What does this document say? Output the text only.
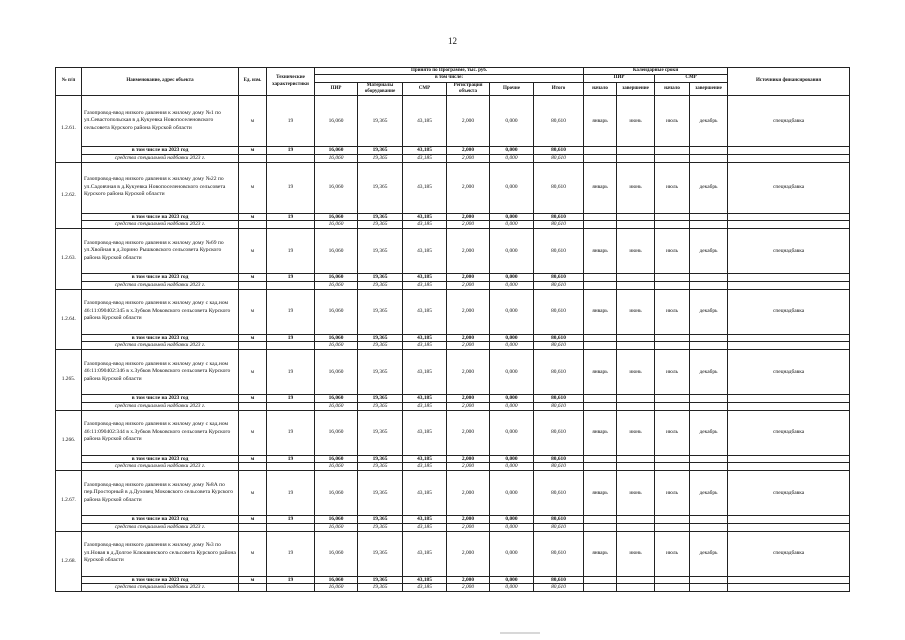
12
№ п/п	Наименование, адрес объекта	Ед. изм.	Технические характеристики	Принято по Программе, тыс. руб.						Календарные сроки				Источники финансирования
				в том числе:						ПИР		СМР		
				ПИР	Материалы оборудование	СМР	Регистрация объекта	Прочие	Итого	начало	завершение	начало	завершение	
1.2.61.	Газопровод-ввод низкого давления к жилому дому №1 по ул.Севастопольская в д.Кукуевка Новопоселеновского сельсовета Курского района Курской области	м	19	16,060	19,365	43,185	2,000	0,000	80,610	январь	июнь	июль	декабрь	спецнадбавка
	в том числе на 2023 год	м	19	16,060	19,365	43,185	2,000	0,000	80,610					
	средства специальной надбавки 2023 г.			16,060	19,365	43,185	2,000	0,000	80,610					
1.2.62.	Газопровод-ввод низкого давления к жилому дому №22 по ул.Садовчная в д.Кукуевка Новопоселеновского сельсовета Курского района Курской области	м	19	16,060	19,365	43,185	2,000	0,000	80,610	январь	июнь	июль	декабрь	спецнадбавка
	в том числе на 2023 год	м	19	16,060	19,365	43,185	2,000	0,000	80,610					
	средства специальной надбавки 2023 г.			16,060	19,365	43,185	2,000	0,000	80,610					
1.2.63.	Газопровод-ввод низкого давления к жилому дому №69 по ул.Хвойная в д.Зорино Рышковского сельсовета Курского района Курской области	м	19	16,060	19,365	43,185	2,000	0,000	80,610	январь	июнь	июль	декабрь	спецнадбавка
	в том числе на 2023 год	м	19	16,060	19,365	43,185	2,000	0,000	80,610					
	средства специальной надбавки 2023 г.			16,060	19,365	43,185	2,000	0,000	80,610					
1.2.64.	Газопровод-ввод низкого давления к жилому дому с кад.ном 46:11:090402:345 в х.Зубков Моковского сельсовета Курского района Курской области	м	19	16,060	19,365	43,185	2,000	0,000	80,610	январь	июнь	июль	декабрь	спецнадбавка
	в том числе на 2023 год	м	19	16,060	19,365	43,185	2,000	0,000	80,610					
	средства специальной надбавки 2023 г.			16,060	19,365	43,185	2,000	0,000	80,610					
1.265.	Газопровод-ввод низкого давления к жилому дому с кад.ном 46:11:090402:346 в х.Зубков Моковского сельсовета Курского района Курской области	м	19	16,060	19,365	43,185	2,000	0,000	80,610	январь	июнь	июль	декабрь	спецнадбавка
	в том числе на 2023 год	м	19	16,060	19,365	43,185	2,000	0,000	80,610					
	средства специальной надбавки 2023 г.			16,060	19,365	43,185	2,000	0,000	80,610					
1.266.	Газопровод-ввод низкого давления к жилому дому с кад.ном 46:11:090402:344 в х.Зубков Моковского сельсовета Курского района Курской области	м	19	16,060	19,365	43,185	2,000	0,000	80,610	январь	июнь	июль	декабрь	спецнадбавка
	в том числе на 2023 год	м	19	16,060	19,365	43,185	2,000	0,000	80,610					
	средства специальной надбавки 2023 г.			16,060	19,365	43,185	2,000	0,000	80,610					
1.2.67.	Газопровод-ввод низкого давления к жилому дому №8А по пер.Просторный в д.Духовец Моковского сельсовета Курского района Курской области	м	19	16,060	19,365	43,185	2,000	0,000	80,610	январь	июнь	июль	декабрь	спецнадбавка
	в том числе на 2023 год	м	19	16,060	19,365	43,185	2,000	0,000	80,610					
	средства специальной надбавки 2023 г.			16,060	19,365	43,185	2,000	0,000	80,610					
1.2.68.	Газопровод-ввод низкого давления к жилому дому №3 по ул.Новая в д.Долгое Клюквинского сельсовета Курского района Курской области	м	19	16,060	19,365	43,185	2,000	0,000	80,610	январь	июнь	июль	декабрь	спецнадбавка
	в том числе на 2023 год	м	19	16,060	19,365	43,185	2,000	0,000	80,610					
	средства специальной надбавки 2023 г.			16,060	19,365	43,185	2,000	0,000	80,610					
